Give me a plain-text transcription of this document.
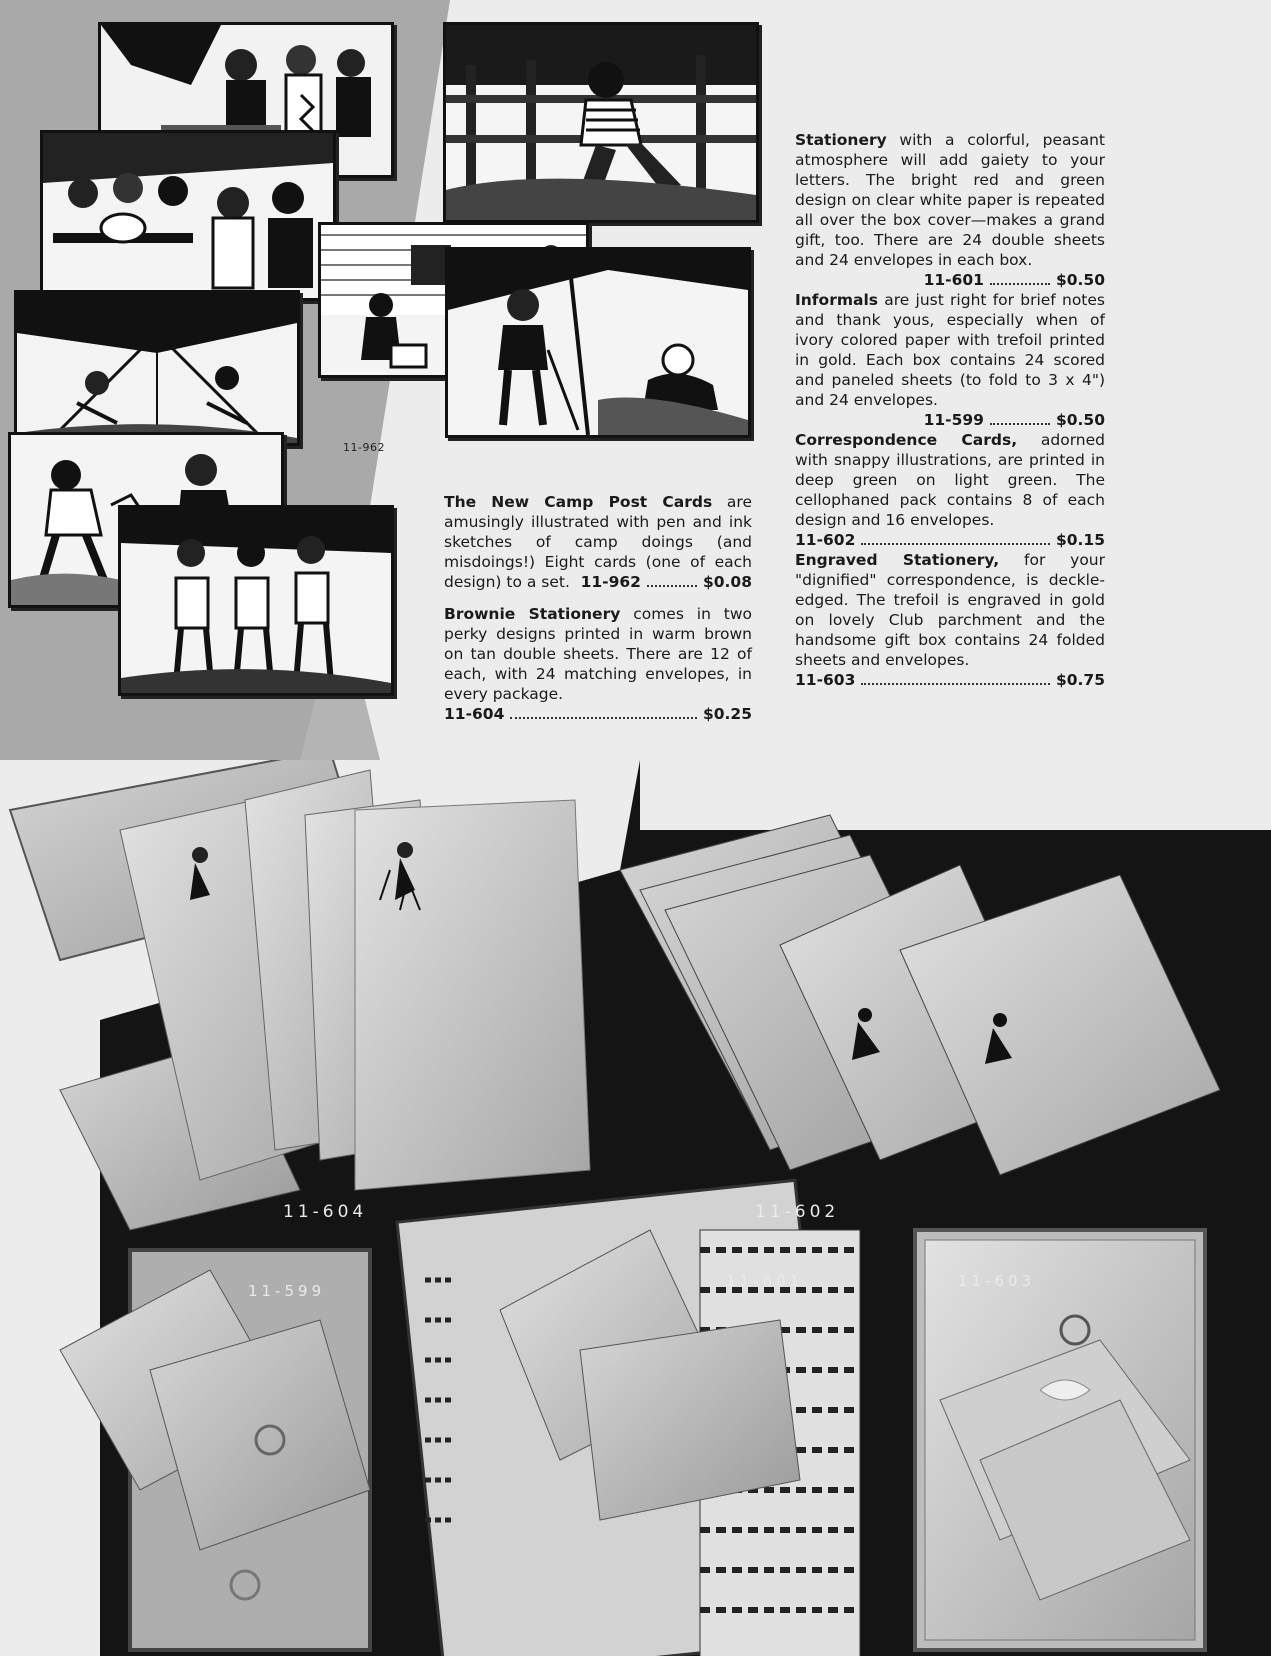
11-962

The New Camp Post Cards are amusingly illustrated with pen and ink sketches of camp doings (and misdoings!) Eight cards (one of each design) to a set. 11-962	$0.08

Brownie Stationery comes in two perky designs printed in warm brown on tan double sheets. There are 12 of each, with 24 matching envelopes, in every package.

11-604	$0.25

Stationery with a colorful, peasant atmosphere will add gaiety to your letters. The bright red and green design on clear white paper is repeated all over the box cover—makes a grand gift, too. There are 24 double sheets and 24 envelopes in each box.

11-601	$0.50

Informals are just right for brief notes and thank yous, especially when of ivory colored paper with trefoil printed in gold. Each box contains 24 scored and paneled sheets (to fold to 3 x 4") and 24 envelopes.

11-599	$0.50

Correspondence Cards, adorned with snappy illustrations, are printed in deep green on light green. The cellophaned pack contains 8 of each design and 16 envelopes.

11-602	$0.15

Engraved Stationery, for your "dignified" correspondence, is deckle-edged. The trefoil is engraved in gold on lovely Club parchment and the handsome gift box contains 24 folded sheets and envelopes.

11-603	$0.75
11-604	11-602
11-599
11-601	11-603
